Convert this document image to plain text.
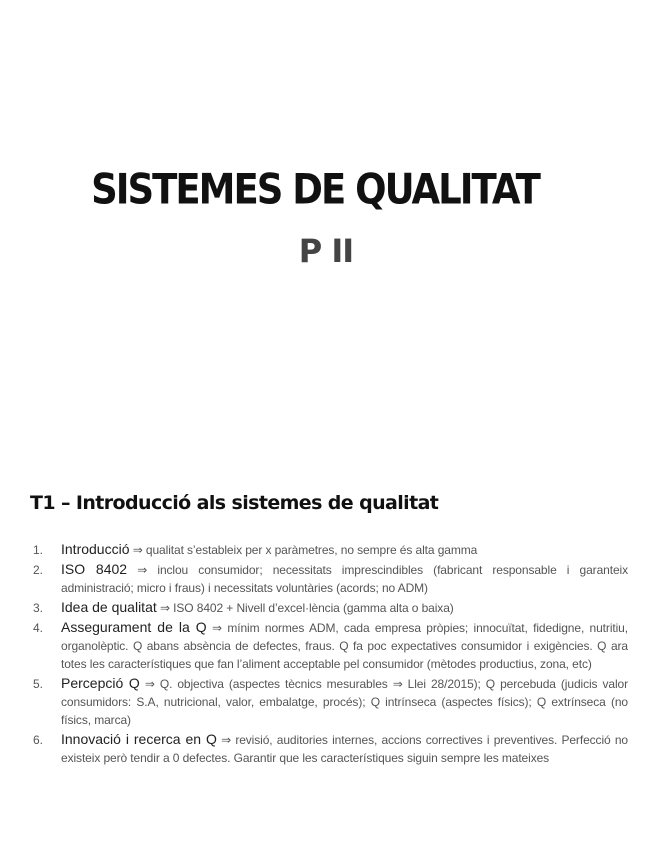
SISTEMES DE QUALITAT
P II
T1 – Introducció als sistemes de qualitat
1. Introducció ⇒ qualitat s’estableix per x paràmetres, no sempre és alta gamma
2. ISO 8402 ⇒ inclou consumidor; necessitats imprescindibles (fabricant responsable i garanteix administració; micro i fraus) i necessitats voluntàries (acords; no ADM)
3. Idea de qualitat ⇒ ISO 8402 + Nivell d’excel·lència (gamma alta o baixa)
4. Assegurament de la Q ⇒ mínim normes ADM, cada empresa pròpies; innocuïtat, fidedigne, nutritiu, organolèptic. Q abans absència de defectes, fraus. Q fa poc expectatives consumidor i exigències. Q ara totes les característiques que fan l’aliment acceptable pel consumidor (mètodes productius, zona, etc)
5. Percepció Q ⇒ Q. objectiva (aspectes tècnics mesurables ⇒ Llei 28/2015); Q percebuda (judicis valor consumidors: S.A, nutricional, valor, embalatge, procés); Q intrínseca (aspectes físics); Q extrínseca (no físics, marca)
6. Innovació i recerca en Q ⇒ revisió, auditories internes, accions correctives i preventives. Perfecció no existeix però tendir a 0 defectes. Garantir que les característiques siguin sempre les mateixes
